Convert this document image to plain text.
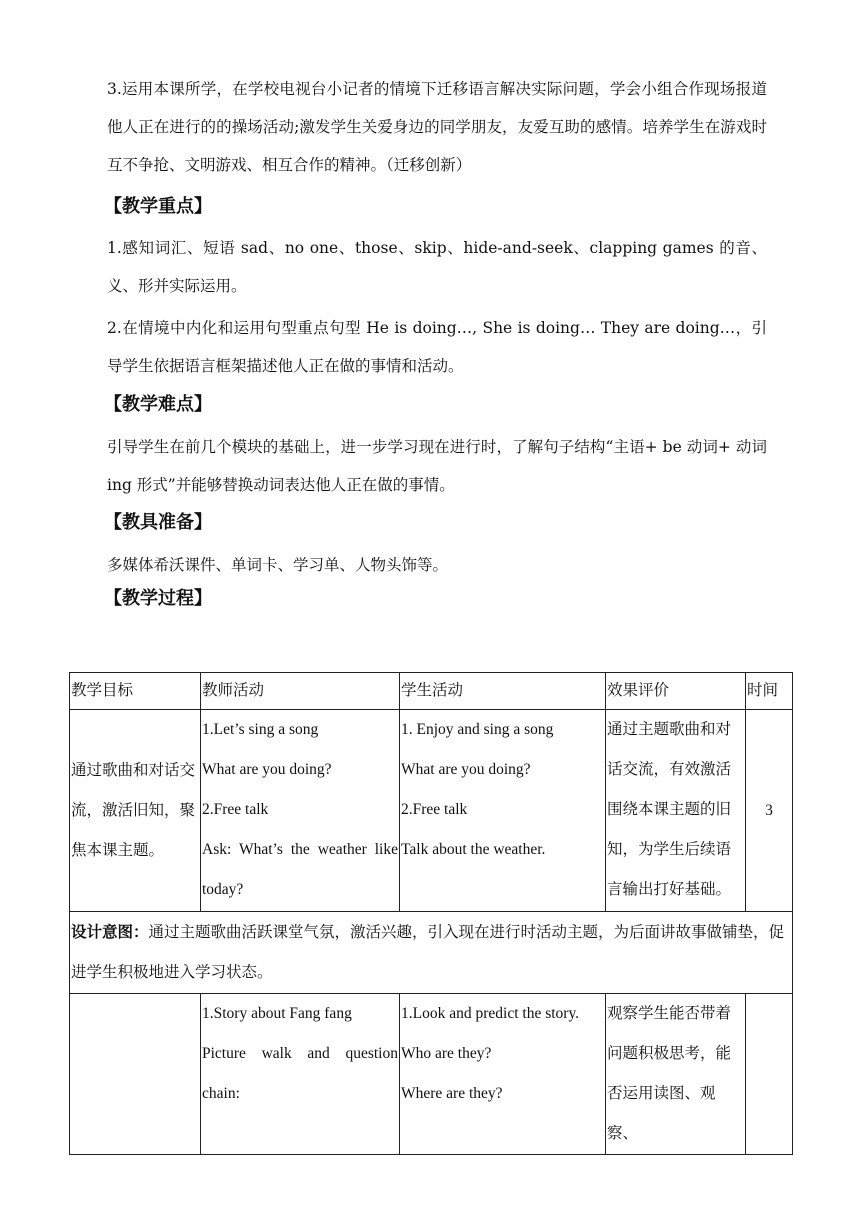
3.运用本课所学，在学校电视台小记者的情境下迁移语言解决实际问题，学会小组合作现场报道他人正在进行的的操场活动;激发学生关爱身边的同学朋友，友爱互助的感情。培养学生在游戏时互不争抢、文明游戏、相互合作的精神。（迁移创新）

【教学重点】

1.感知词汇、短语 sad、no one、those、skip、hide-and-seek、clapping games 的音、义、形并实际运用。

2.在情境中内化和运用句型重点句型 He is doing…, She is doing… They are doing…，引导学生依据语言框架描述他人正在做的事情和活动。

【教学难点】

引导学生在前几个模块的基础上，进一步学习现在进行时，了解句子结构“主语+ be 动词+ 动词 ing 形式”并能够替换动词表达他人正在做的事情。

【教具准备】

多媒体希沃课件、单词卡、学习单、人物头饰等。

【教学过程】

教学目标	教师活动	学生活动	效果评价	时间
通过歌曲和对话交流，激活旧知，聚焦本课主题。	1.Let’s sing a song
What are you doing?
2.Free talk
Ask: What’s the weather like today?	1. Enjoy and sing a song
What are you doing?
2.Free talk
Talk about the weather.	通过主题歌曲和对话交流，有效激活围绕本课主题的旧知，为学生后续语言输出打好基础。	3
设计意图：通过主题歌曲活跃课堂气氛，激活兴趣，引入现在进行时活动主题，为后面讲故事做铺垫，促进学生积极地进入学习状态。				

	1.Story about Fang fang
Picture walk and question chain:	1.Look and predict the story.
Who are they?
Where are they?	观察学生能否带着问题积极思考，能否运用读图、观察、	
